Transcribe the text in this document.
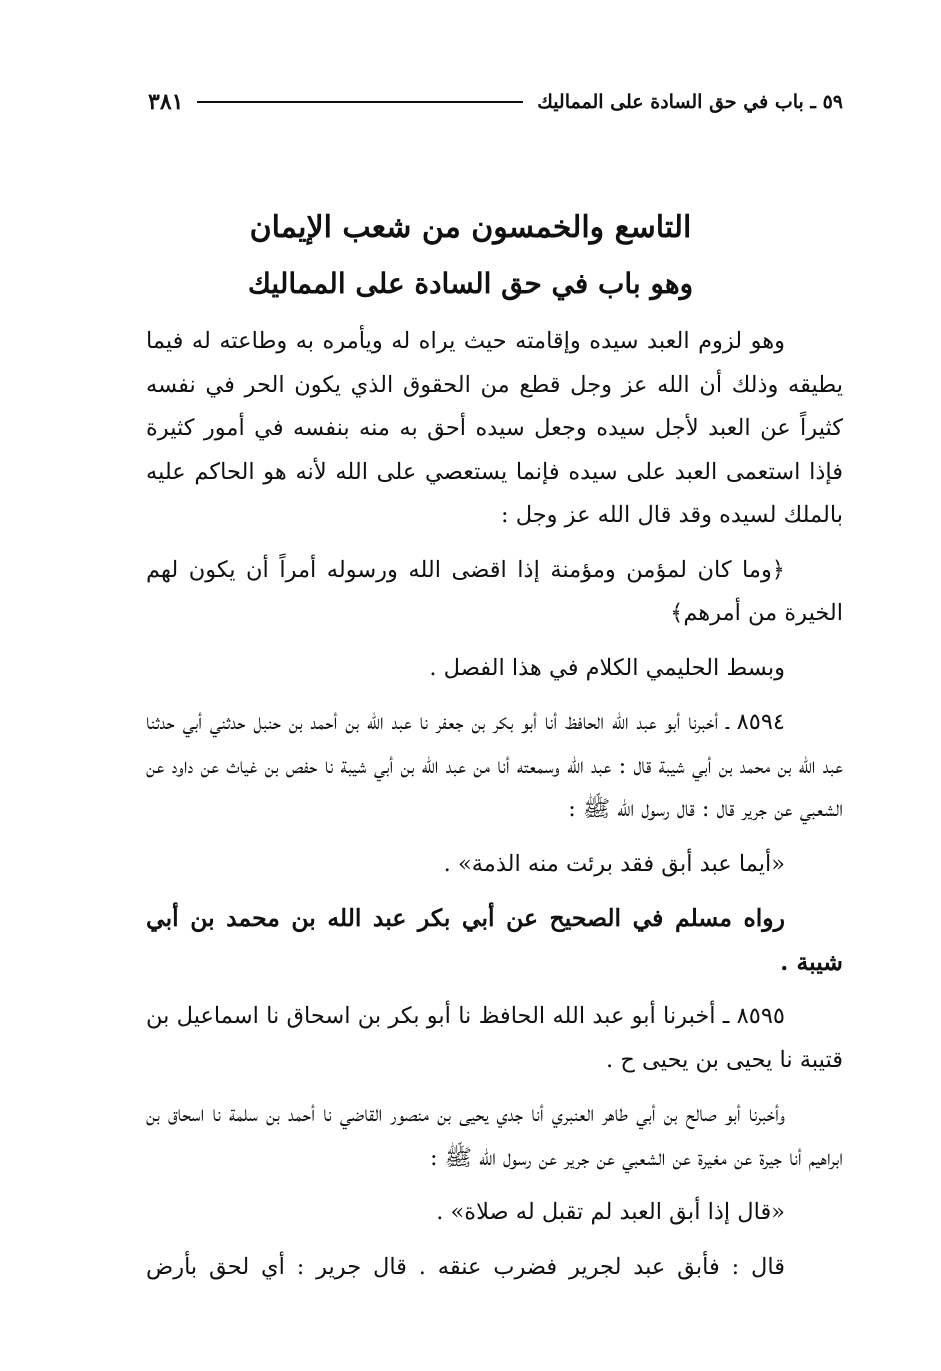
٥٩ ـ باب في حق السادة على المماليك
٣٨١
التاسع والخمسون من شعب الإيمان
وهو باب في حق السادة على المماليك

وهو لزوم العبد سيده وإقامته حيث يراه له ويأمره به وطاعته له فيما يطيقه وذلك أن الله عز وجل قطع من الحقوق الذي يكون الحر في نفسه كثيراً عن العبد لأجل سيده وجعل سيده أحق به منه بنفسه في أمور كثيرة فإذا استعمى العبد على سيده فإنما يستعصي على الله لأنه هو الحاكم عليه بالملك لسيده وقد قال الله عز وجل :

﴿وما كان لمؤمن ومؤمنة إذا اقضى الله ورسوله أمراً أن يكون لهم الخيرة من أمرهم﴾

وبسط الحليمي الكلام في هذا الفصل .

٨٥٩٤ ـ أخبرنا أبو عبد الله الحافظ أنا أبو بكر بن جعفر نا عبد الله بن أحمد بن حنبل حدثني أبي حدثنا عبد الله بن محمد بن أبي شيبة قال : عبد الله وسمعته أنا من عبد الله بن أبي شيبة نا حفص بن غياث عن داود عن الشعبي عن جرير قال : قال رسول الله ﷺ :

«أيما عبد أبق فقد برئت منه الذمة» .

رواه مسلم في الصحيح عن أبي بكر عبد الله بن محمد بن أبي شيبة .

٨٥٩٥ ـ أخبرنا أبو عبد الله الحافظ نا أبو بكر بن اسحاق نا اسماعيل بن قتيبة نا يحيى بن يحيى ح .

وأخبرنا أبو صالح بن أبي طاهر العنبري أنا جدي يحيى بن منصور القاضي نا أحمد بن سلمة نا اسحاق بن ابراهيم أنا جيرة عن مغيرة عن الشعبي عن جرير عن رسول الله ﷺ :

«قال إذا أبق العبد لم تقبل له صلاة» .

قال : فأبق عبد لجرير فضرب عنقه . قال جرير : أي لحق بأرض
